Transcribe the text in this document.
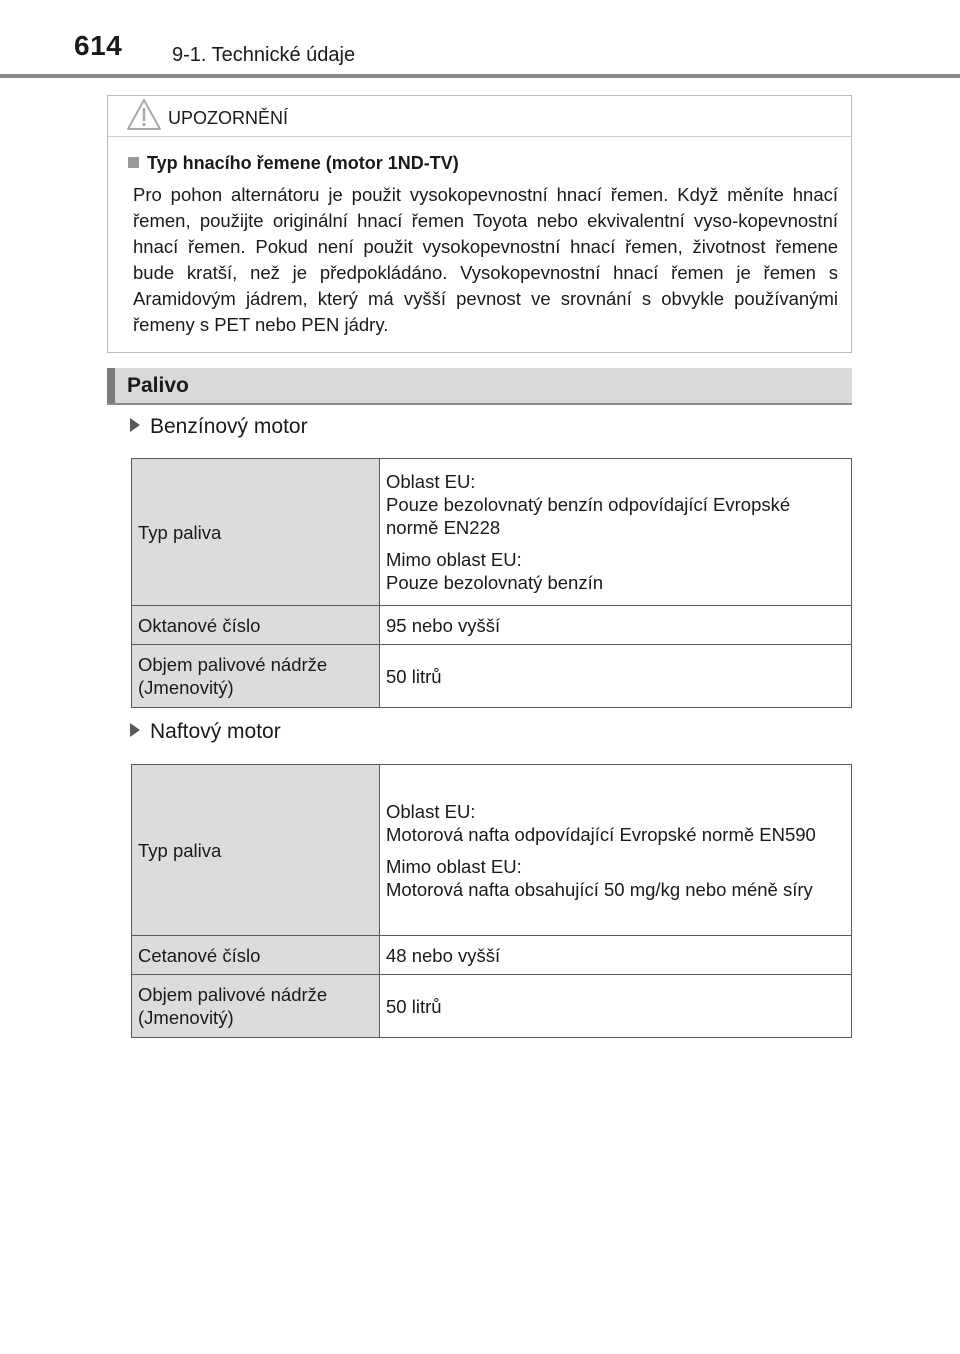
614 9-1. Technické údaje
UPOZORNĚNÍ
Typ hnacího řemene (motor 1ND-TV)

Pro pohon alternátoru je použit vysokopevnostní hnací řemen. Když měníte hnací řemen, použijte originální hnací řemen Toyota nebo ekvivalentní vyso-kopevnostní hnací řemen. Pokud není použit vysokopevnostní hnací řemen, životnost řemene bude kratší, než je předpokládáno. Vysokopevnostní hnací řemen je řemen s Aramidovým jádrem, který má vyšší pevnost ve srovnání s obvykle používanými řemeny s PET nebo PEN jádry.

Palivo
Benzínový motor
Typ paliva	Oblast EU:
Pouze bezolovnatý benzín odpovídající Evropské normě EN228
Mimo oblast EU:
Pouze bezolovnatý benzín

Oktanové číslo	95 nebo vyšší
Objem palivové nádrže (Jmenovitý)	50 litrů
Naftový motor
Typ paliva	Oblast EU:
Motorová nafta odpovídající Evropské normě EN590
Mimo oblast EU:
Motorová nafta obsahující 50 mg/kg nebo méně síry

Cetanové číslo	48 nebo vyšší
Objem palivové nádrže (Jmenovitý)	50 litrů
